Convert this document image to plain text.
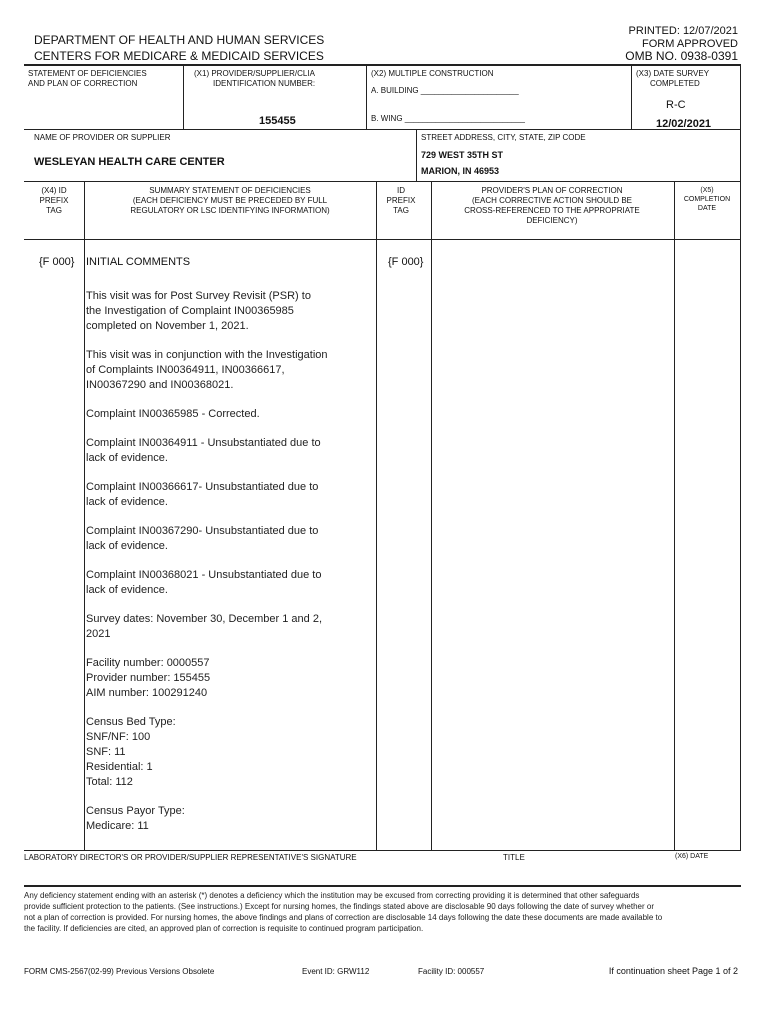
DEPARTMENT OF HEALTH AND HUMAN SERVICES
CENTERS FOR MEDICARE & MEDICAID SERVICES
PRINTED: 12/07/2021
FORM APPROVED
OMB NO. 0938-0391
STATEMENT OF DEFICIENCIES
AND PLAN OF CORRECTION
(X1) PROVIDER/SUPPLIER/CLIA
IDENTIFICATION NUMBER:
155455
(X2) MULTIPLE CONSTRUCTION
A. BUILDING ______________________
B. WING ___________________________
(X3) DATE SURVEY
COMPLETED
R-C
12/02/2021
NAME OF PROVIDER OR SUPPLIER
WESLEYAN HEALTH CARE CENTER
STREET ADDRESS, CITY, STATE, ZIP CODE
729 WEST 35TH ST
MARION, IN 46953
(X4) ID
PREFIX
TAG
SUMMARY STATEMENT OF DEFICIENCIES
(EACH DEFICIENCY MUST BE PRECEDED BY FULL
REGULATORY OR LSC IDENTIFYING INFORMATION)
ID
PREFIX
TAG
PROVIDER'S PLAN OF CORRECTION
(EACH CORRECTIVE ACTION SHOULD BE
CROSS-REFERENCED TO THE APPROPRIATE
DEFICIENCY)
(X5)
COMPLETION
DATE
{F 000} INITIAL COMMENTS	{F 000}

This visit was for Post Survey Revisit (PSR) to
the Investigation of Complaint IN00365985
completed on November 1, 2021.

This visit was in conjunction with the Investigation
of Complaints IN00364911, IN00366617,
IN00367290 and IN00368021.

Complaint IN00365985 - Corrected.

Complaint IN00364911 - Unsubstantiated due to
lack of evidence.

Complaint IN00366617- Unsubstantiated due to
lack of evidence.

Complaint IN00367290- Unsubstantiated due to
lack of evidence.

Complaint IN00368021 - Unsubstantiated due to
lack of evidence.

Survey dates: November 30, December 1 and 2,
2021

Facility number: 0000557
Provider number: 155455
AIM number: 100291240

Census Bed Type:
SNF/NF: 100
SNF: 11
Residential: 1
Total: 112

Census Payor Type:
Medicare: 11

LABORATORY DIRECTOR'S OR PROVIDER/SUPPLIER REPRESENTATIVE'S SIGNATURE	TITLE	(X6) DATE
Any deficiency statement ending with an asterisk (*) denotes a deficiency which the institution may be excused from correcting providing it is determined that other safeguards provide sufficient protection to the patients. (See instructions.) Except for nursing homes, the findings stated above are disclosable 90 days following the date of survey whether or not a plan of correction is provided. For nursing homes, the above findings and plans of correction are disclosable 14 days following the date these documents are made available to the facility. If deficiencies are cited, an approved plan of correction is requisite to continued program participation.
FORM CMS-2567(02-99) Previous Versions Obsolete	Event ID: GRW112	Facility ID: 000557	If continuation sheet Page 1 of 2
